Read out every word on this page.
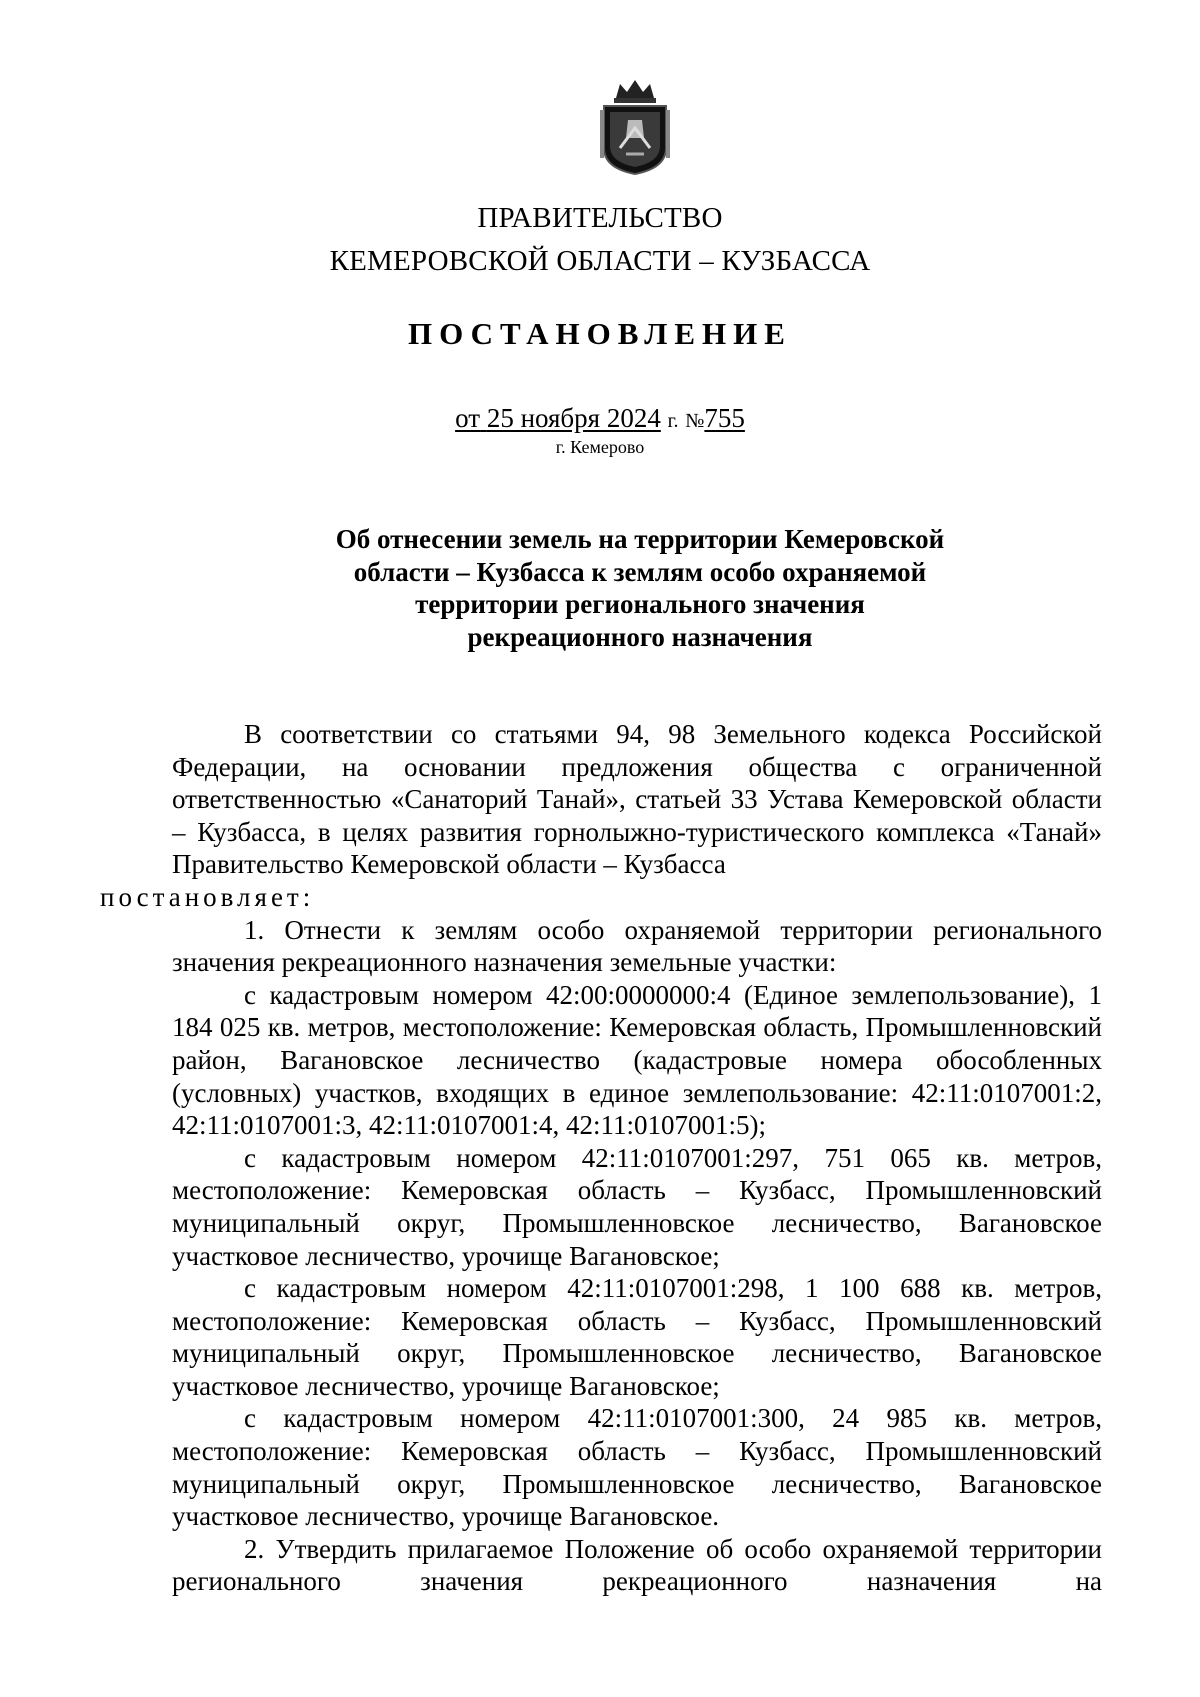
ПРАВИТЕЛЬСТВО
КЕМЕРОВСКОЙ ОБЛАСТИ – КУЗБАССА
ПОСТАНОВЛЕНИЕ
от 25 ноября 2024 г. №755
г. Кемерово
Об отнесении земель на территории Кемеровской
области – Кузбасса к землям особо охраняемой
территории регионального значения
рекреационного назначения

В соответствии со статьями 94, 98 Земельного кодекса Российской Федерации, на основании предложения общества с ограниченной ответственностью «Санаторий Танай», статьей 33 Устава Кемеровской области – Кузбасса, в целях развития горнолыжно-туристического комплекса «Танай» Правительство Кемеровской области – Кузбасса
постановляет:

1. Отнести к землям особо охраняемой территории регионального значения рекреационного назначения земельные участки:

с кадастровым номером 42:00:0000000:4 (Единое землепользование), 1 184 025 кв. метров, местоположение: Кемеровская область, Промышленновский район, Вагановское лесничество (кадастровые номера обособленных (условных) участков, входящих в единое землепользование: 42:11:0107001:2, 42:11:0107001:3, 42:11:0107001:4, 42:11:0107001:5);

с кадастровым номером 42:11:0107001:297, 751 065 кв. метров, местоположение: Кемеровская область – Кузбасс, Промышленновский муниципальный округ, Промышленновское лесничество, Вагановское участковое лесничество, урочище Вагановское;

с кадастровым номером 42:11:0107001:298, 1 100 688 кв. метров, местоположение: Кемеровская область – Кузбасс, Промышленновский муниципальный округ, Промышленновское лесничество, Вагановское участковое лесничество, урочище Вагановское;

с кадастровым номером 42:11:0107001:300, 24 985 кв. метров, местоположение: Кемеровская область – Кузбасс, Промышленновский муниципальный округ, Промышленновское лесничество, Вагановское участковое лесничество, урочище Вагановское.

2. Утвердить прилагаемое Положение об особо охраняемой территории регионального значения рекреационного назначения на
